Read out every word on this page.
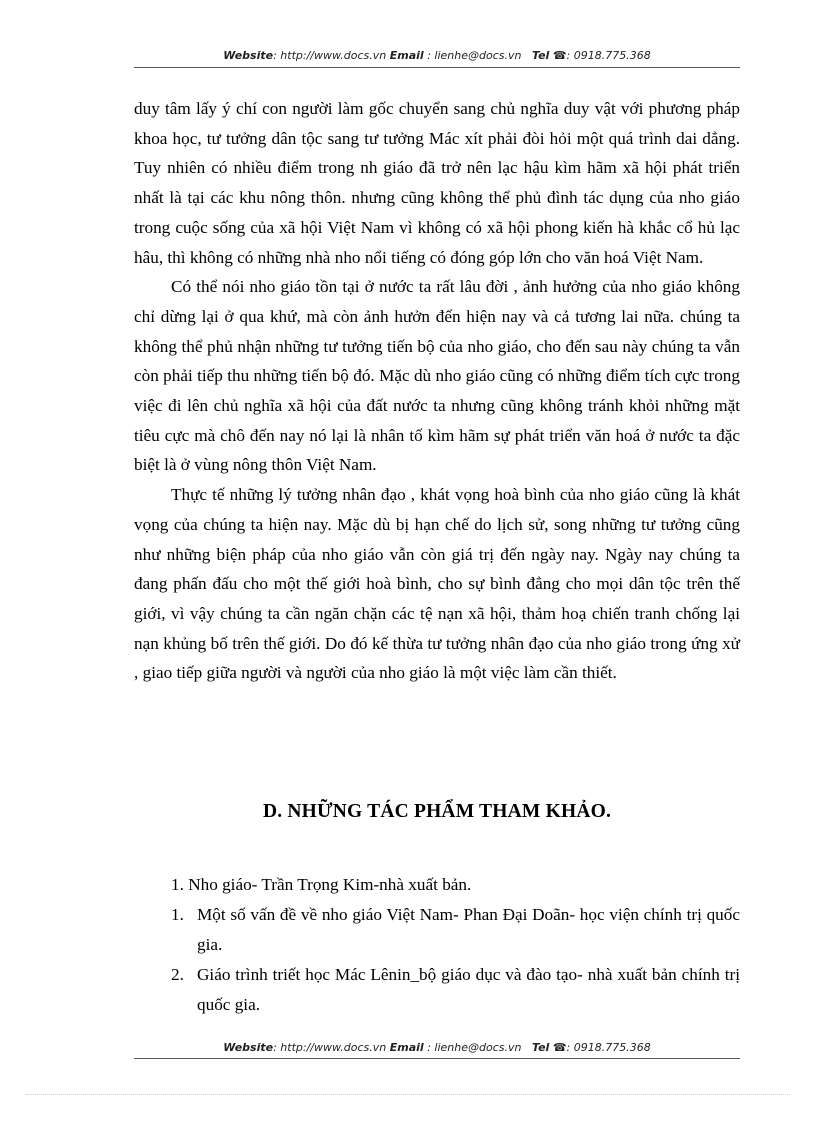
Website: http://www.docs.vn Email : lienhe@docs.vn Tel ☎: 0918.775.368

duy tâm lấy ý chí con người làm gốc chuyển sang chủ nghĩa duy vật với phương pháp khoa học, tư tưởng dân tộc sang tư tưởng Mác xít phải đòi hỏi một quá trình dai dẳng. Tuy nhiên có nhiều điểm trong nh giáo đã trở nên lạc hậu kìm hãm xã hội phát triển nhất là tại các khu nông thôn. nhưng cũng không thể phủ đình tác dụng của nho giáo trong cuộc sống của xã hội Việt Nam vì không có xã hội phong kiến hà khắc cổ hủ lạc hâu, thì không có những nhà nho nổi tiếng có đóng góp lớn cho văn hoá Việt Nam.

Có thể nói nho giáo tồn tại ở nước ta rất lâu đời , ảnh hưởng của nho giáo không chỉ dừng lại ở qua khứ, mà còn ảnh hưởn đến hiện nay và cả tương lai nữa. chúng ta không thể phủ nhận những tư tưởng tiến bộ của nho giáo, cho đến sau này chúng ta vẫn còn phải tiếp thu những tiến bộ đó. Mặc dù nho giáo cũng có những điểm tích cực trong việc đi lên chủ nghĩa xã hội của đất nước ta nhưng cũng không tránh khỏi những mặt tiêu cực mà chô đến nay nó lại là nhân tố kìm hãm sự phát triển văn hoá ở nước ta đặc biệt là ở vùng nông thôn Việt Nam.

Thực tế những lý tưởng nhân đạo , khát vọng hoà bình của nho giáo cũng là khát vọng của chúng ta hiện nay. Mặc dù bị hạn chế do lịch sử, song những tư tưởng cũng như những biện pháp của nho giáo vẫn còn giá trị đến ngày nay. Ngày nay chúng ta đang phấn đấu cho một thế giới hoà bình, cho sự bình đẳng cho mọi dân tộc trên thế giới, vì vậy chúng ta cần ngăn chặn các tệ nạn xã hội, thảm hoạ chiến tranh chống lại nạn khủng bố trên thế giới. Do đó kế thừa tư tưởng nhân đạo của nho giáo trong ứng xử , giao tiếp giữa người và người của nho giáo là một việc làm cần thiết.

D. NHỮNG TÁC PHẨM THAM KHẢO.
1. Nho giáo- Trần Trọng Kim-nhà xuất bản.
1. Một số vấn đề về nho giáo Việt Nam- Phan Đại Doãn- học viện chính trị quốc gia.
2. Giáo trình triết học Mác Lênin_bộ giáo dục và đào tạo- nhà xuất bản chính trị quốc gia.
Website: http://www.docs.vn Email : lienhe@docs.vn Tel ☎: 0918.775.368
